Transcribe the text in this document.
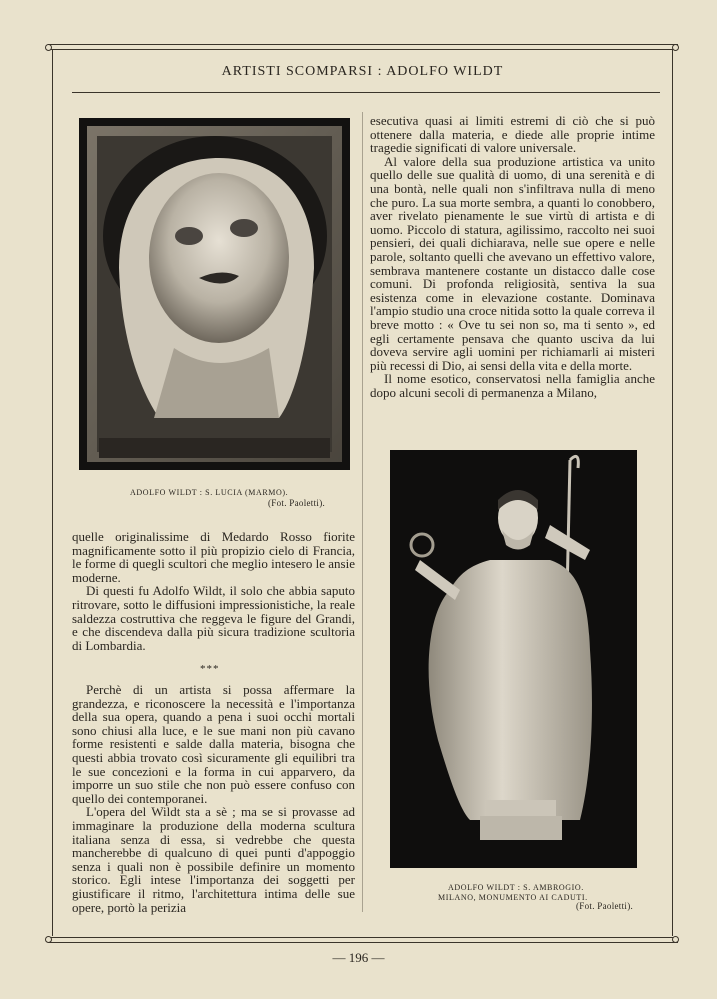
ARTISTI SCOMPARSI : ADOLFO WILDT
ADOLFO WILDT : S. LUCIA (MARMO).
(Fot. Paoletti).
ADOLFO WILDT : S. AMBROGIO.
MILANO, MONUMENTO AI CADUTI.
(Fot. Paoletti).

esecutiva quasi ai limiti estremi di ciò che si può ottenere dalla materia, e diede alle proprie intime tragedie significati di valore universale.

Al valore della sua produzione artistica va unito quello delle sue qualità di uomo, di una serenità e di una bontà, nelle quali non s'infiltrava nulla di meno che puro. La sua morte sembra, a quanti lo conobbero, aver rivelato pienamente le sue virtù di artista e di uomo. Piccolo di statura, agilissimo, raccolto nei suoi pensieri, dei quali dichiarava, nelle sue opere e nelle parole, soltanto quelli che avevano un effettivo valore, sembrava mantenere costante un distacco dalle cose comuni. Di profonda religiosità, sentiva la sua esistenza come in elevazione costante. Dominava l'ampio studio una croce nitida sotto la quale correva il breve motto : « Ove tu sei non so, ma ti sento », ed egli certamente pensava che quanto usciva da lui doveva servire agli uomini per richiamarli ai misteri più recessi di Dio, ai sensi della vita e della morte.

Il nome esotico, conservatosi nella famiglia anche dopo alcuni secoli di permanenza a Milano,

quelle originalissime di Medardo Rosso fiorite magnificamente sotto il più propizio cielo di Francia, le forme di quegli scultori che meglio intesero le ansie moderne.

Di questi fu Adolfo Wildt, il solo che abbia saputo ritrovare, sotto le diffusioni impressionistiche, la reale saldezza costruttiva che reggeva le figure del Grandi, e che discendeva dalla più sicura tradizione scultoria di Lombardia.

***

Perchè di un artista si possa affermare la grandezza, e riconoscere la necessità e l'importanza della sua opera, quando a pena i suoi occhi mortali sono chiusi alla luce, e le sue mani non più cavano forme resistenti e salde dalla materia, bisogna che questi abbia trovato così sicuramente gli equilibri tra le sue concezioni e la forma in cui apparvero, da imporre un suo stile che non può essere confuso con quello dei contemporanei.

L'opera del Wildt sta a sè ; ma se si provasse ad immaginare la produzione della moderna scultura italiana senza di essa, si vedrebbe che questa mancherebbe di qualcuno di quei punti d'appoggio senza i quali non è possibile definire un momento storico. Egli intese l'importanza dei soggetti per giustificare il ritmo, l'architettura intima delle sue opere, portò la perizia

— 196 —
